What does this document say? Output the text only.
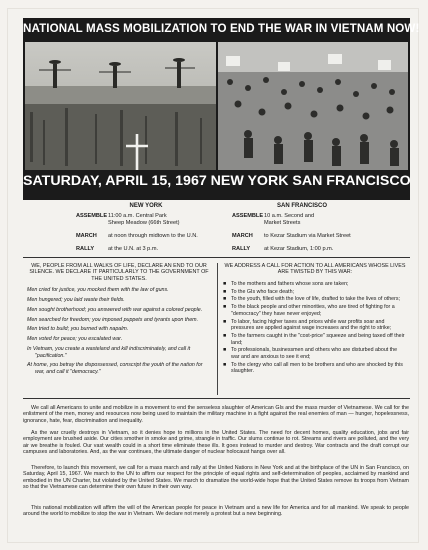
NATIONAL MASS MOBILIZATION TO END THE WAR IN VIETNAM NOW!
SATURDAY, APRIL 15, 1967 NEW YORK SAN FRANCISCO
NEW YORK
ASSEMBLE 11:00 a.m. Central Park
Sheep Meadow (66th Street)
MARCH	at noon through midtown to the U.N.
RALLY	at the U.N. at 3 p.m.
SAN FRANCISCO
ASSEMBLE 10 a.m. Second and
Market Streets
MARCH	to Kezar Stadium via Market Street
RALLY	at Kezar Stadium, 1:00 p.m.
WE, PEOPLE FROM ALL WALKS OF LIFE, DECLARE AN END TO OUR SILENCE. WE DECLARE IT PARTICULARLY TO THE GOVERNMENT OF THE UNITED STATES.

Men cried for justice, you mocked them with the law of guns.

Men hungered; you laid waste their fields.

Men sought brotherhood; you answered with war against a colored people.

Men searched for freedom; you imposed puppets and tyrants upon them.

Men tried to build; you burned with napalm.

Men voted for peace; you escalated war.

In Vietnam, you create a wasteland and kill indiscriminately, and call it "pacification."

At home, you betray the dispossessed, conscript the youth of the nation for war, and call it "democracy."

WE ADDRESS A CALL FOR ACTION TO ALL AMERICANS WHOSE LIVES ARE TWISTED BY THIS WAR:
■ To the mothers and fathers whose sons are taken;
■ To the GIs who face death;
■ To the youth, filled with the love of life, drafted to take the lives of others;
■ To the black people and other minorities, who are tired of fighting for a "democracy" they have never enjoyed;
■ To labor, facing higher taxes and prices while war profits soar and pressures are applied against wage increases and the right to strike;
■ To the farmers caught in the "cost-price" squeeze and being taxed off their land;
■ To professionals, businessmen and others who are disturbed about the war and are anxious to see it end;
■ To the clergy who call all men to be brothers and who are shocked by this slaughter.

We call all Americans to unite and mobilize in a movement to end the senseless slaughter of American GIs and the mass murder of Vietnamese. We call for the enlistment of the men, money and resources now being used to maintain the military machine in a fight against the real enemies of man — hunger, hopelessness, ignorance, hate, fear, discrimination and inequality.

As the war cruelly destroys in Vietnam, so it denies hope to millions in the United States. The need for decent homes, quality education, jobs and fair employment are brushed aside. Our cities smother in smoke and grime, strangle in traffic. Our slums continue to rot. Streams and rivers are polluted, and the very air we breathe is fouled. Our vast wealth could in a short time eliminate these ills. It goes instead to murder and destroy. War contracts and the draft corrupt our campuses and laboratories. And, as the war continues, the ultimate danger of nuclear holocaust hangs over all.

Therefore, to launch this movement, we call for a mass march and rally at the United Nations in New York and at the birthplace of the UN in San Francisco, on Saturday, April 15, 1967. We march to the UN to affirm our respect for the principle of equal rights and self-determination of peoples, acclaimed by mankind and embodied in the UN Charter, but violated by the United States. We march to dramatize the world-wide hope that the United States remove its troops from Vietnam so that the Vietnamese can determine their own future in their own way.

This national mobilization will affirm the will of the American people for peace in Vietnam and a new life for America and for all mankind. We speak to people around the world to mobilize to stop the war in Vietnam. We declare not merely a protest but a new beginning.
